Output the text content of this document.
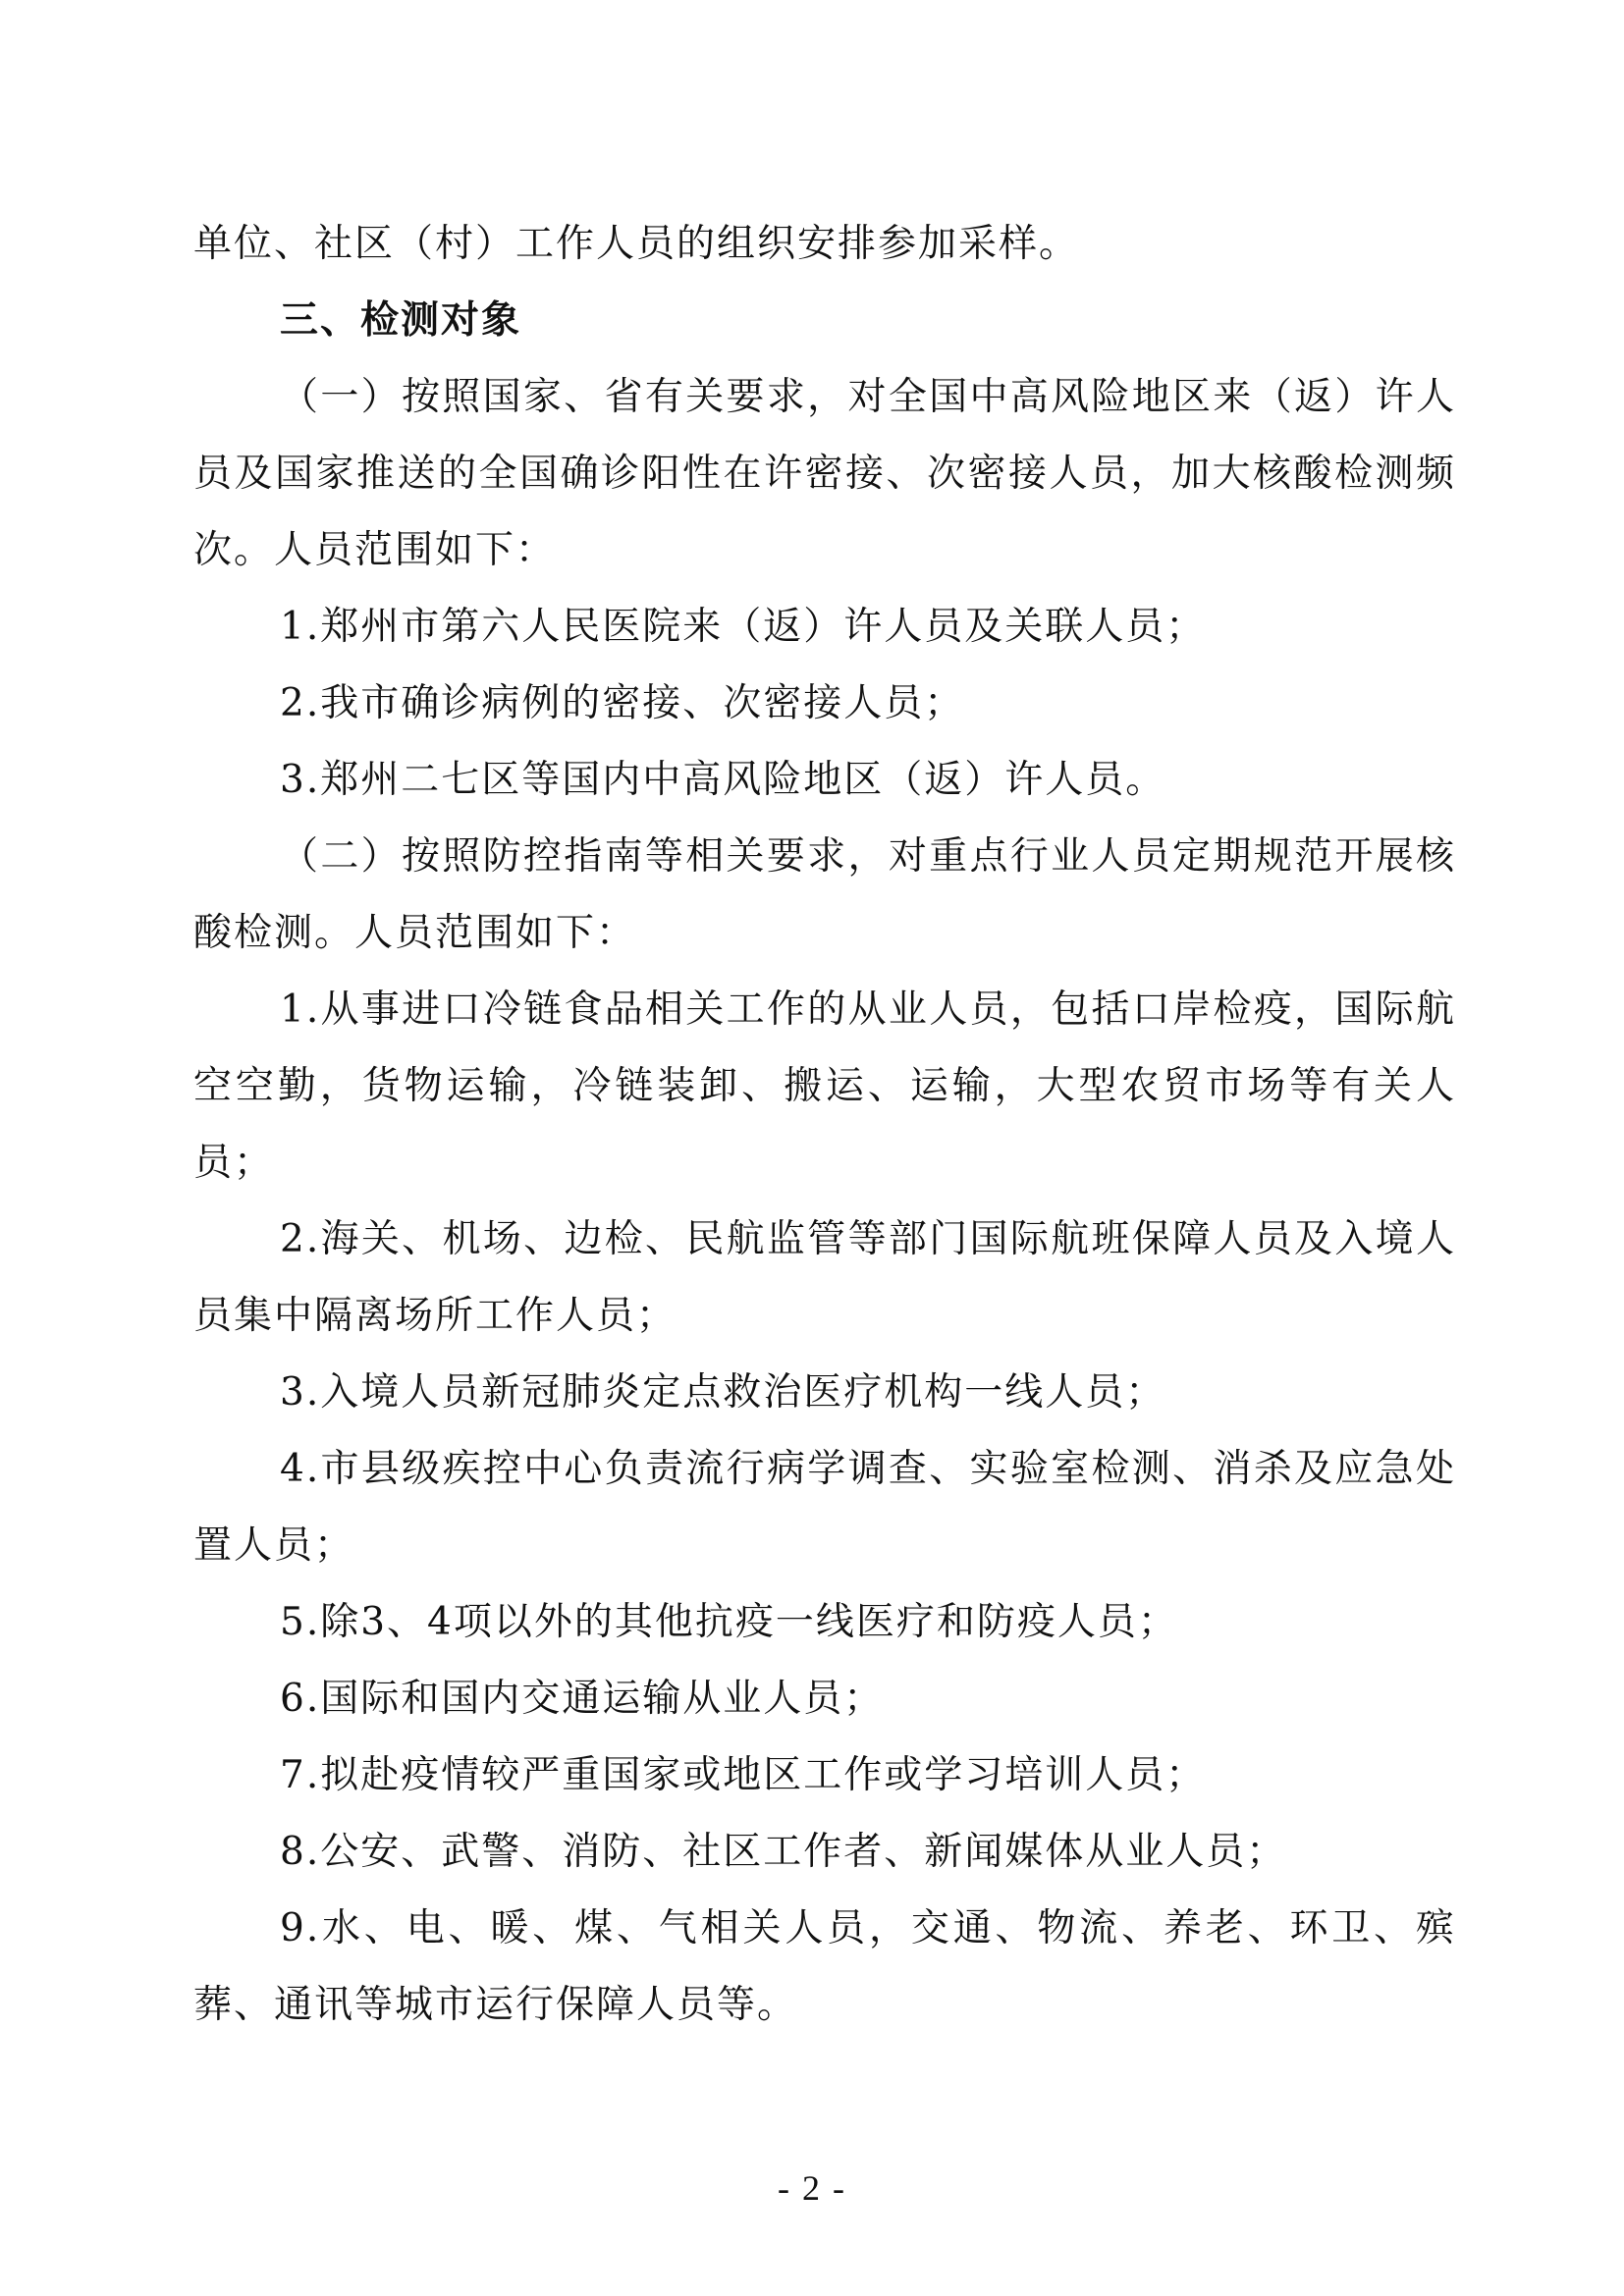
单位、社区（村）工作人员的组织安排参加采样。

三、检测对象

（一）按照国家、省有关要求，对全国中高风险地区来（返）许人员及国家推送的全国确诊阳性在许密接、次密接人员，加大核酸检测频次。人员范围如下：

1.郑州市第六人民医院来（返）许人员及关联人员；

2.我市确诊病例的密接、次密接人员；

3.郑州二七区等国内中高风险地区（返）许人员。

（二）按照防控指南等相关要求，对重点行业人员定期规范开展核酸检测。人员范围如下：

1.从事进口冷链食品相关工作的从业人员，包括口岸检疫，国际航空空勤，货物运输，冷链装卸、搬运、运输，大型农贸市场等有关人员；

2.海关、机场、边检、民航监管等部门国际航班保障人员及入境人员集中隔离场所工作人员；

3.入境人员新冠肺炎定点救治医疗机构一线人员；

4.市县级疾控中心负责流行病学调查、实验室检测、消杀及应急处置人员；

5.除3、4项以外的其他抗疫一线医疗和防疫人员；

6.国际和国内交通运输从业人员；

7.拟赴疫情较严重国家或地区工作或学习培训人员；

8.公安、武警、消防、社区工作者、新闻媒体从业人员；

9.水、电、暖、煤、气相关人员，交通、物流、养老、环卫、殡葬、通讯等城市运行保障人员等。

- 2 -
